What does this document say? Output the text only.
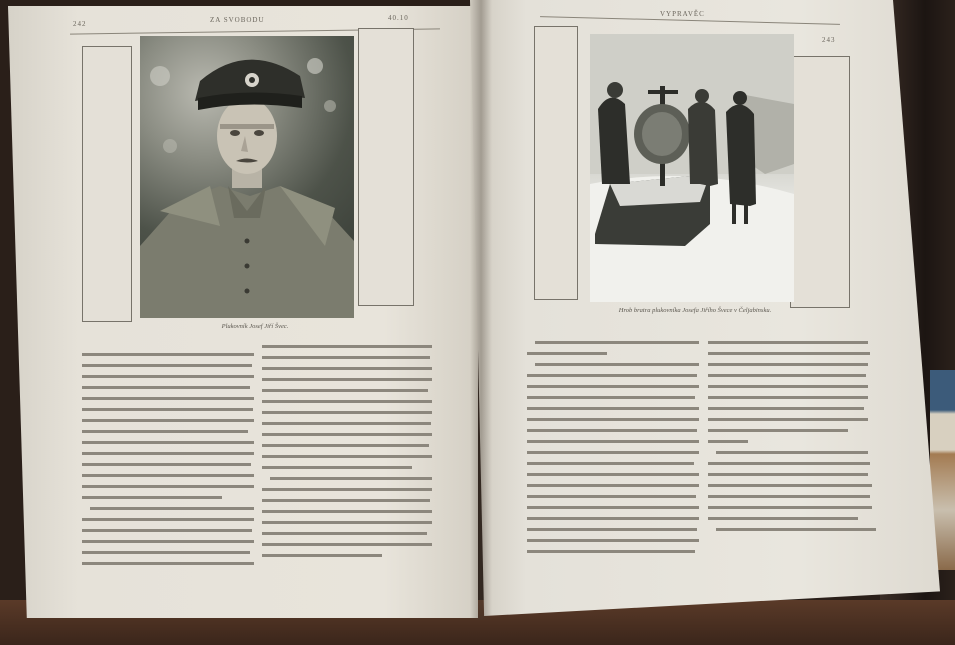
242	ZA SVOBODU	40.10
Plukovník Josef Jiří Švec.
VYPRAVĚC
243
Hrob bratra plukovníka Josefa Jiřího Švece v Čeljabinsku.
